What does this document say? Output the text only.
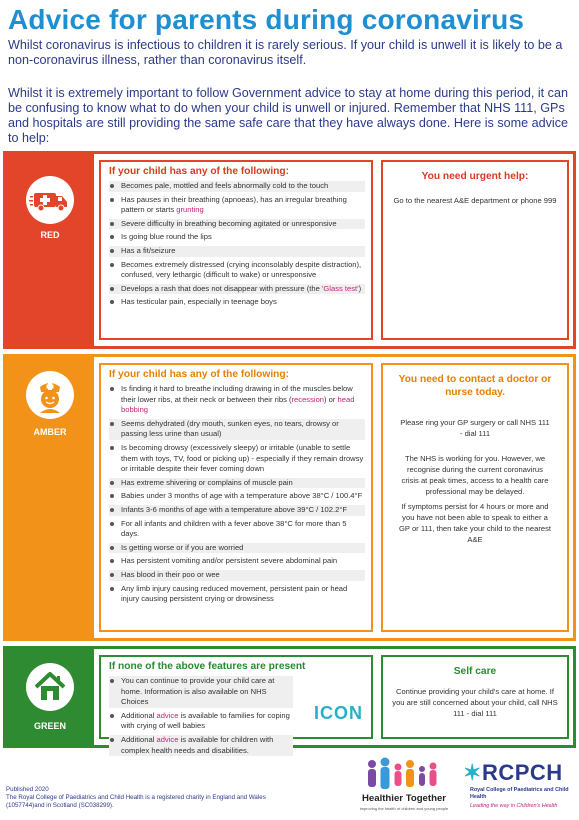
Advice for parents during coronavirus

Whilst coronavirus is infectious to children it is rarely serious. If your child is unwell it is likely to be a non-coronavirus illness, rather than coronavirus itself.

Whilst it is extremely important to follow Government advice to stay at home during this period, it can be confusing to know what to do when your child is unwell or injured. Remember that NHS 111, GPs and hospitals are still providing the same safe care that they have always done. Here is some advice to help:

RED
If your child has any of the following:
Becomes pale, mottled and feels abnormally cold to the touch
Has pauses in their breathing (apnoeas), has an irregular breathing pattern or starts grunting
Severe difficulty in breathing becoming agitated or unresponsive
Is going blue round the lips
Has a fit/seizure
Becomes extremely distressed (crying inconsolably despite distraction), confused, very lethargic (difficult to wake) or unresponsive
Develops a rash that does not disappear with pressure (the 'Glass test')
Has testicular pain, especially in teenage boys
You need urgent help:
Go to the nearest A&E department or phone 999
AMBER
If your child has any of the following:
Is finding it hard to breathe including drawing in of the muscles below their lower ribs, at their neck or between their ribs (recession) or head bobbing
Seems dehydrated (dry mouth, sunken eyes, no tears, drowsy or passing less urine than usual)
Is becoming drowsy (excessively sleepy) or irritable (unable to settle them with toys, TV, food or picking up) - especially if they remain drowsy or irritable despite their fever coming down
Has extreme shivering or complains of muscle pain
Babies under 3 months of age with a temperature above 38°C / 100.4°F
Infants 3-6 months of age with a temperature above 39°C / 102.2°F
For all infants and children with a fever above 38°C for more than 5 days.
Is getting worse or if you are worried
Has persistent vomiting and/or persistent severe abdominal pain
Has blood in their poo or wee
Any limb injury causing reduced movement, persistent pain or head injury causing persistent crying or drowsiness
You need to contact a doctor or nurse today.
Please ring your GP surgery or call NHS 111 - dial 111
The NHS is working for you. However, we recognise during the current coronavirus crisis at peak times, access to a health care professional may be delayed.
If symptoms persist for 4 hours or more and you have not been able to speak to either a GP or 111, then take your child to the nearest A&E
GREEN
If none of the above features are present
You can continue to provide your child care at home. Information is also available on NHS Choices
Additional advice is available to families for coping with crying of well babies
Additional advice is available for children with complex health needs and disabilities.
ICON
Self care
Continue providing your child's care at home. If you are still concerned about your child, call NHS 111 - dial 111
Published 2020
The Royal College of Paediatrics and Child Health is a registered charity in England and Wales (1057744)and in Scotland (SC038299).
Healthier Together
improving the health of children and young people
✶RCPCH
Royal College of Paediatrics and Child Health
Leading the way in Children's Health
